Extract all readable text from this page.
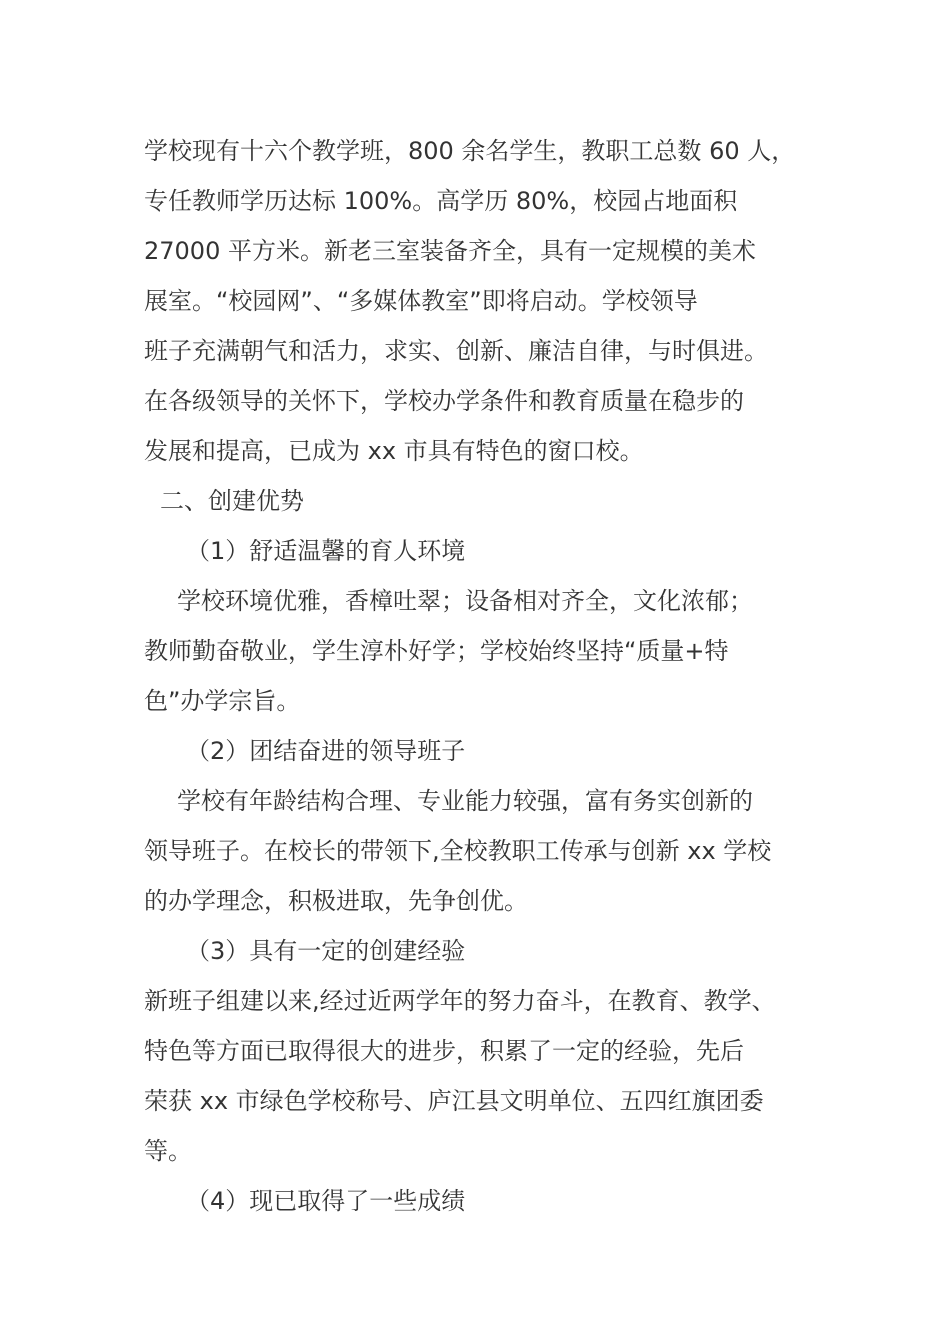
学校现有十六个教学班，800 余名学生，教职工总数 60 人，
专任教师学历达标 100%。高学历 80%，校园占地面积
27000 平方米。新老三室装备齐全，具有一定规模的美术
展室。“校园网”、“多媒体教室”即将启动。学校领导
班子充满朝气和活力，求实、创新、廉洁自律，与时俱进。
在各级领导的关怀下，学校办学条件和教育质量在稳步的
发展和提高，已成为 xx 市具有特色的窗口校。
二、创建优势
（1）舒适温馨的育人环境
学校环境优雅，香樟吐翠；设备相对齐全，文化浓郁；
教师勤奋敬业，学生淳朴好学；学校始终坚持“质量+特
色”办学宗旨。
（2）团结奋进的领导班子
学校有年龄结构合理、专业能力较强，富有务实创新的
领导班子。在校长的带领下,全校教职工传承与创新 xx 学校
的办学理念，积极进取，先争创优。
（3）具有一定的创建经验
新班子组建以来,经过近两学年的努力奋斗，在教育、教学、
特色等方面已取得很大的进步，积累了一定的经验，先后
荣获 xx 市绿色学校称号、庐江县文明单位、五四红旗团委
等。
（4）现已取得了一些成绩
